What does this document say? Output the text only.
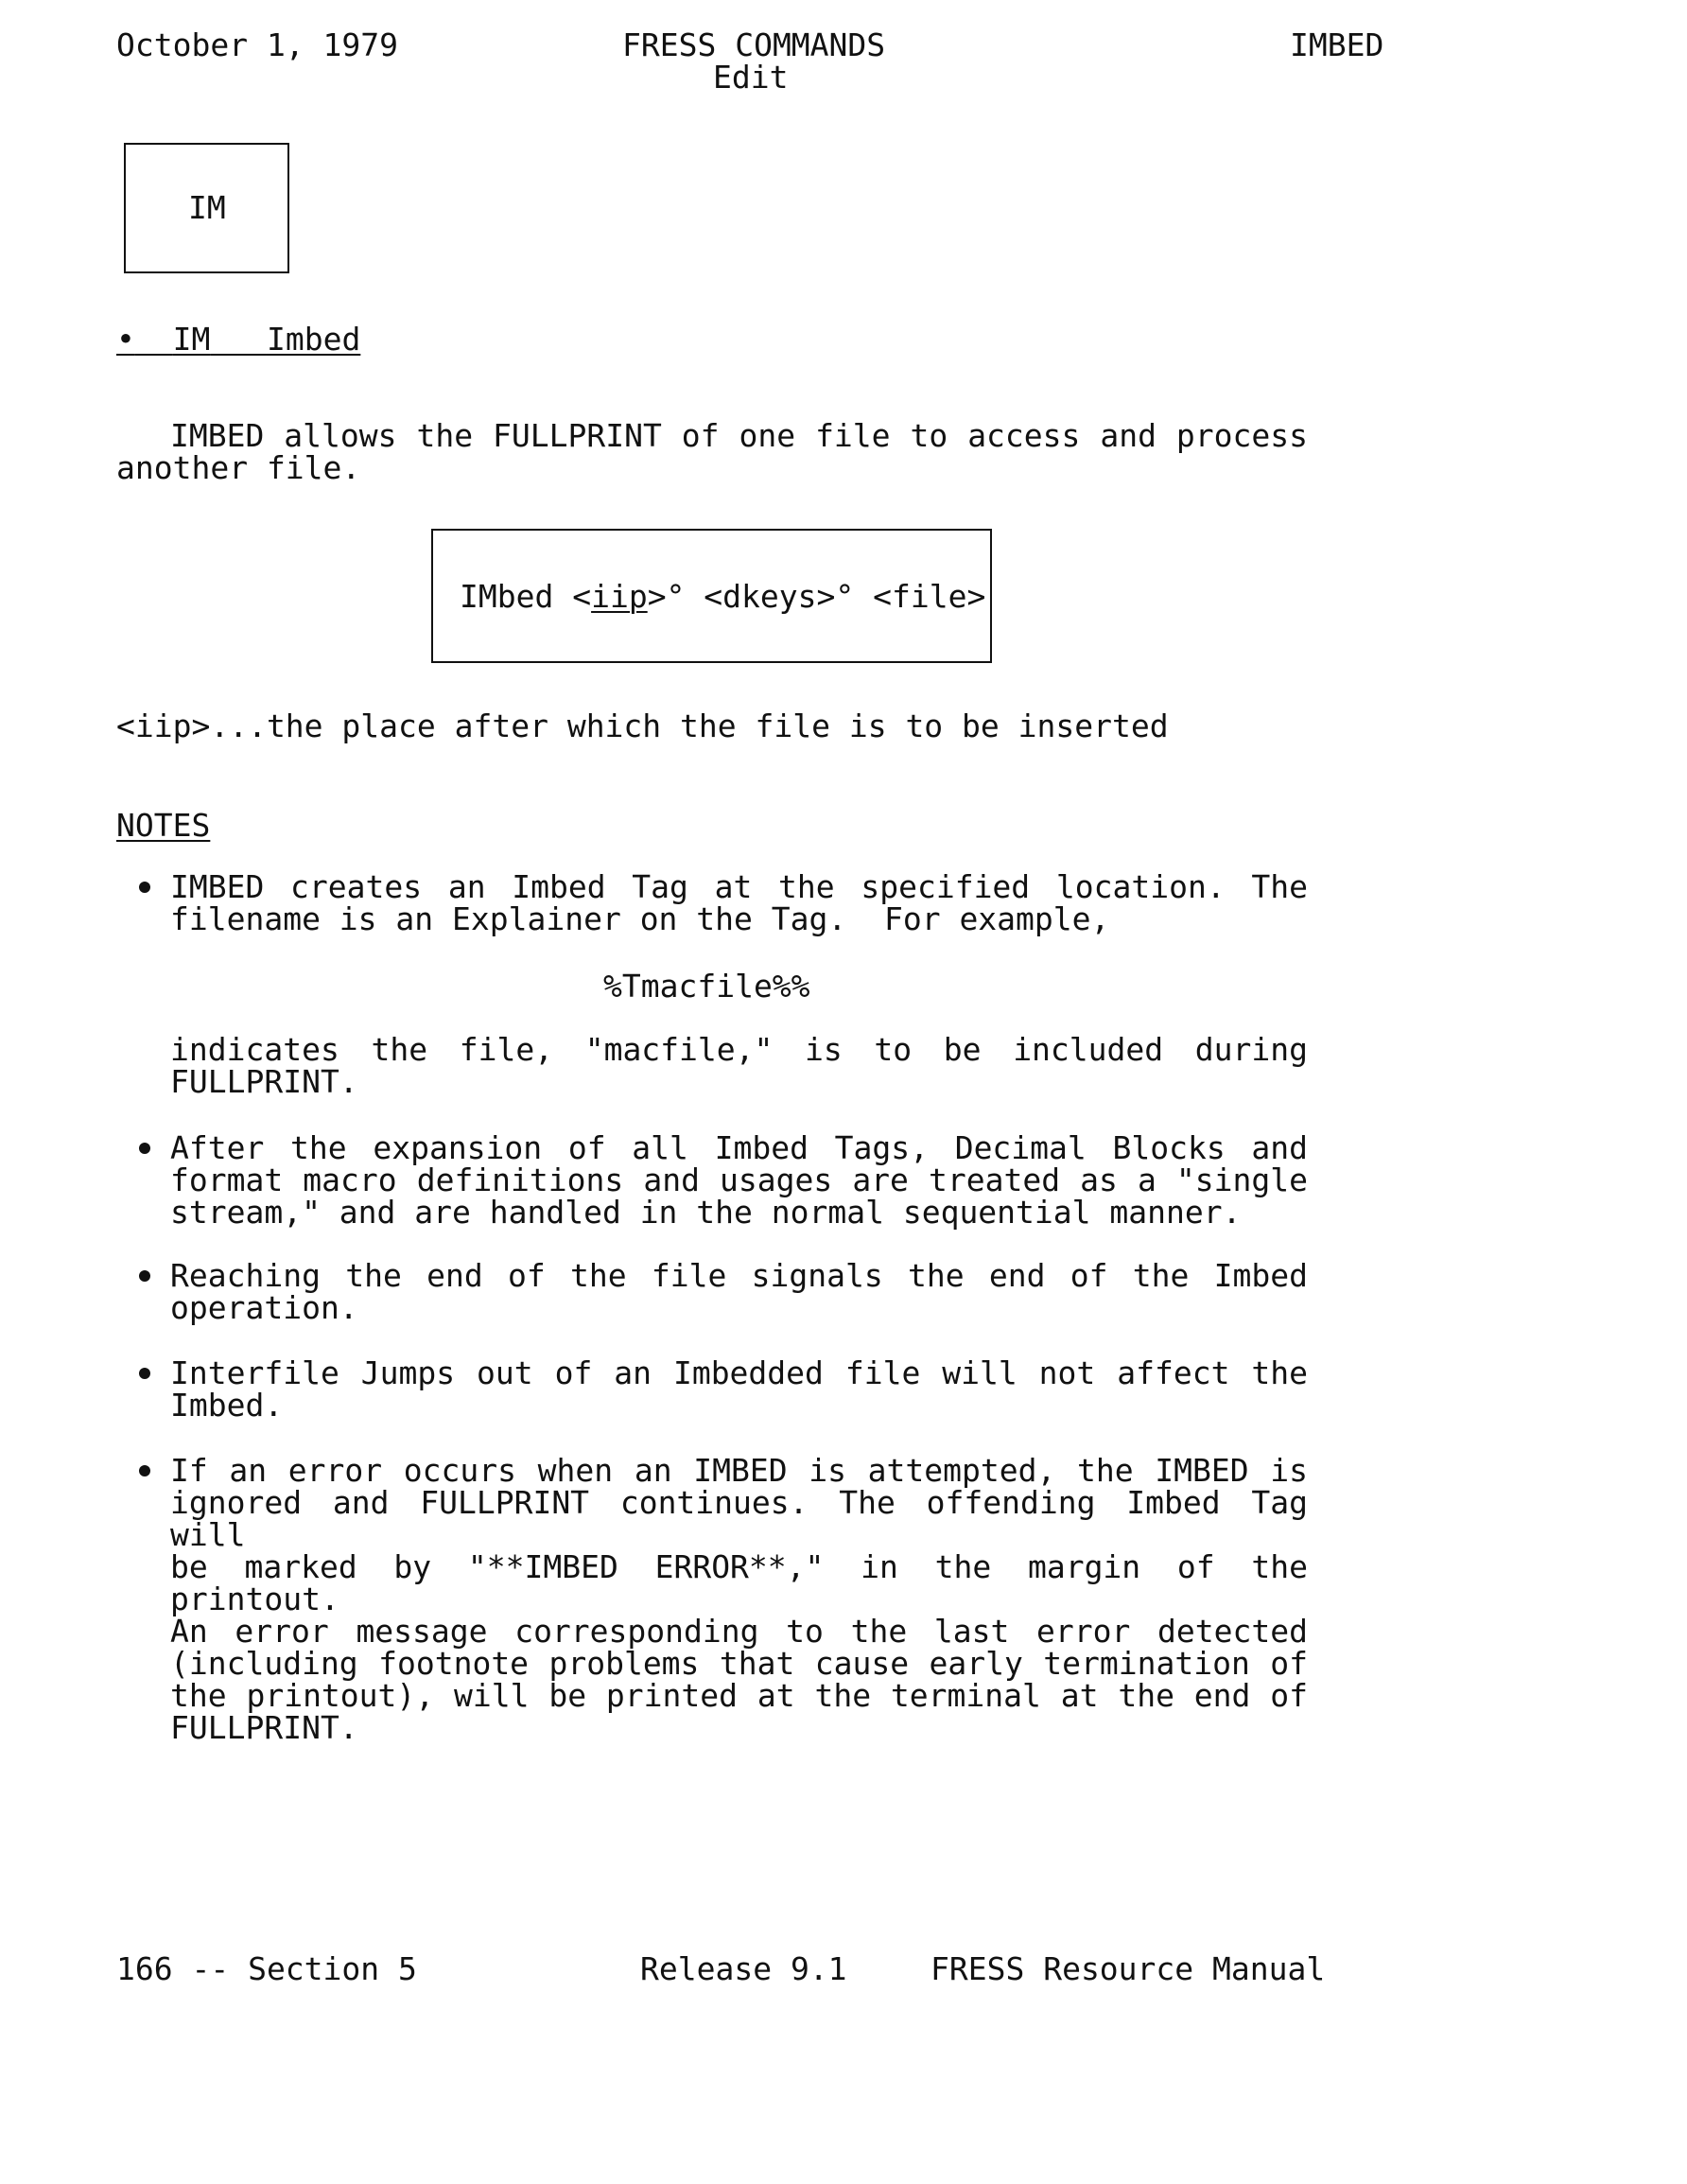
October 1, 1979	FRESS COMMANDS
Edit
IMBED
IM
• IM Imbed
IMBED allows the FULLPRINT of one file to access and process
another file.
IMbed <iip>° <dkeys>° <file>
<iip>...the place after which the file is to be inserted
NOTES
IMBED creates an Imbed Tag at the specified location. The
filename is an Explainer on the Tag.  For example,
%Tmacfile%%
indicates the file, "macfile," is to be included during
FULLPRINT.
After the expansion of all Imbed Tags, Decimal Blocks and
format macro definitions and usages are treated as a "single
stream," and are handled in the normal sequential manner.
Reaching the end of the file signals the end of the Imbed
operation.
Interfile Jumps out of an Imbedded file will not affect the
Imbed.
If an error occurs when an IMBED is attempted, the IMBED is
ignored and FULLPRINT continues. The offending Imbed Tag will
be marked by "**IMBED ERROR**," in the margin of the printout.
An error message corresponding to the last error detected
(including footnote problems that cause early termination of
the printout), will be printed at the terminal at the end of
FULLPRINT.
166 -- Section 5	Release 9.1	FRESS Resource Manual
